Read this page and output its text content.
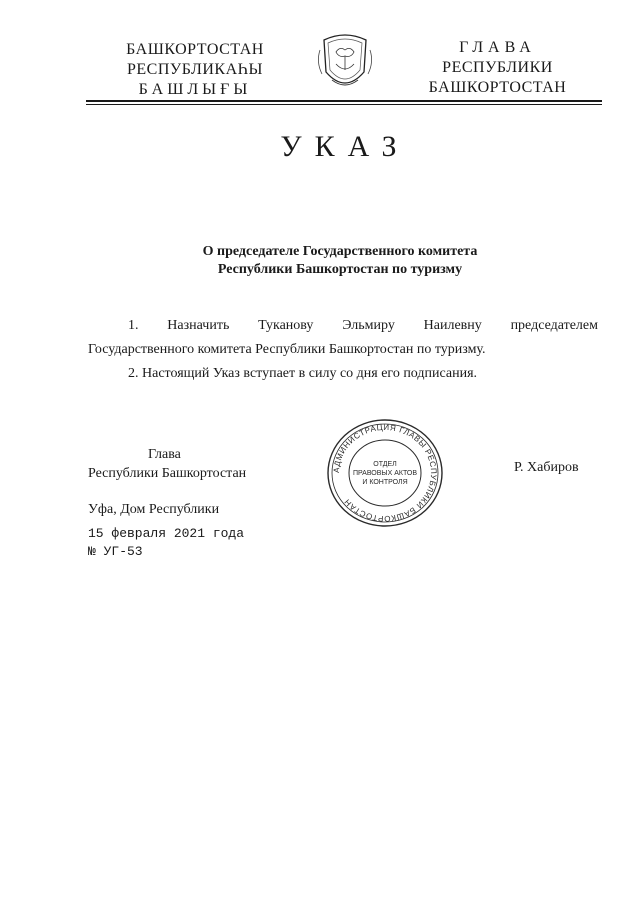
БАШКОРТОСТАН
РЕСПУБЛИКАҺЫ
БАШЛЫҒЫ
ГЛАВА
РЕСПУБЛИКИ
БАШКОРТОСТАН
УКАЗ
О председателе Государственного комитета
Республики Башкортостан по туризму

1. Назначить Туканову Эльмиру Наилевну председателем

Государственного комитета Республики Башкортостан по туризму.

2. Настоящий Указ вступает в силу со дня его подписания.

Глава
Республики Башкортостан	АДМИНИСТРАЦИЯ ГЛАВЫ РЕСПУБЛИКИ БАШКОРТОСТАН
ОТДЕЛ
ПРАВОВЫХ АКТОВ
И КОНТРОЛЯ
Р. Хабиров
Уфа, Дом Республики
15 февраля 2021 года
№ УГ-53
